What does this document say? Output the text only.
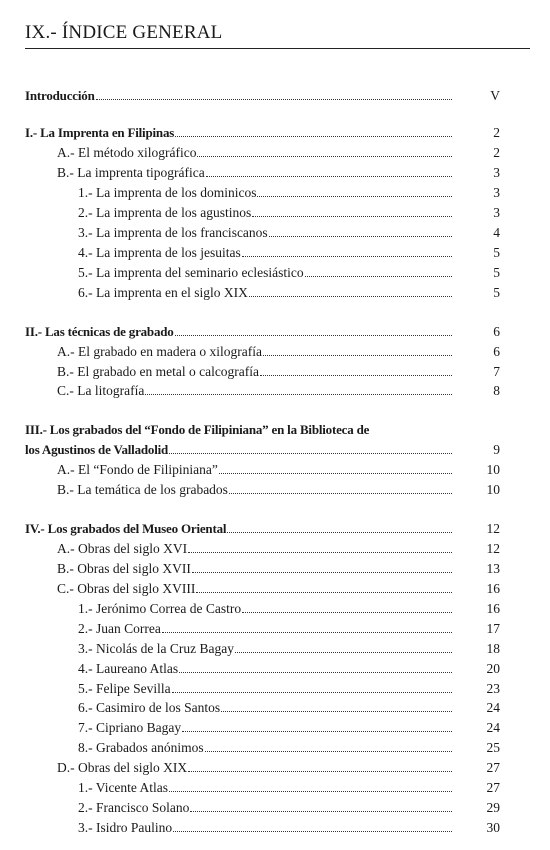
IX.- ÍNDICE GENERAL
Introducción	V
I.- La Imprenta en Filipinas	2
A.- El método xilográfico	2
B.- La imprenta tipográfica	3
1.- La imprenta de los dominicos	3
2.- La imprenta de los agustinos	3
3.- La imprenta de los franciscanos	4
4.- La imprenta de los jesuitas	5
5.- La imprenta del seminario eclesiástico	5
6.- La imprenta en el siglo XIX	5
II.- Las técnicas de grabado	6
A.- El grabado en madera o xilografía	6
B.- El grabado en metal o calcografía	7
C.- La litografía	8
III.- Los grabados del “Fondo de Filipiniana” en la Biblioteca de
los Agustinos de Valladolid	9
A.- El “Fondo de Filipiniana”	10
B.- La temática de los grabados	10
IV.- Los grabados del Museo Oriental	12
A.- Obras del siglo XVI	12
B.- Obras del siglo XVII	13
C.- Obras del siglo XVIII	16
1.- Jerónimo Correa de Castro	16
2.- Juan Correa	17
3.- Nicolás de la Cruz Bagay	18
4.- Laureano Atlas	20
5.- Felipe Sevilla	23
6.- Casimiro de los Santos	24
7.- Cipriano Bagay	24
8.- Grabados anónimos	25
D.- Obras del siglo XIX	27
1.- Vicente Atlas	27
2.- Francisco Solano	29
3.- Isidro Paulino	30
